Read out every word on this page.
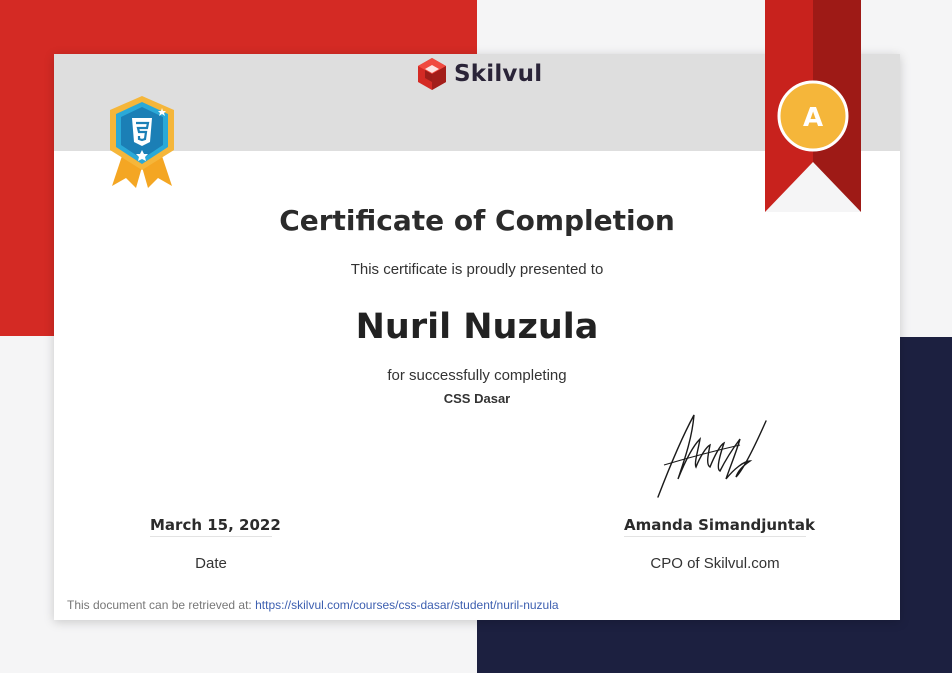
Skilvul
A
Certificate of Completion
This certificate is proudly presented to
Nuril Nuzula
for successfully completing
CSS Dasar
March 15, 2022
Date
Amanda Simandjuntak
CPO of Skilvul.com
This document can be retrieved at: https://skilvul.com/courses/css-dasar/student/nuril-nuzula
